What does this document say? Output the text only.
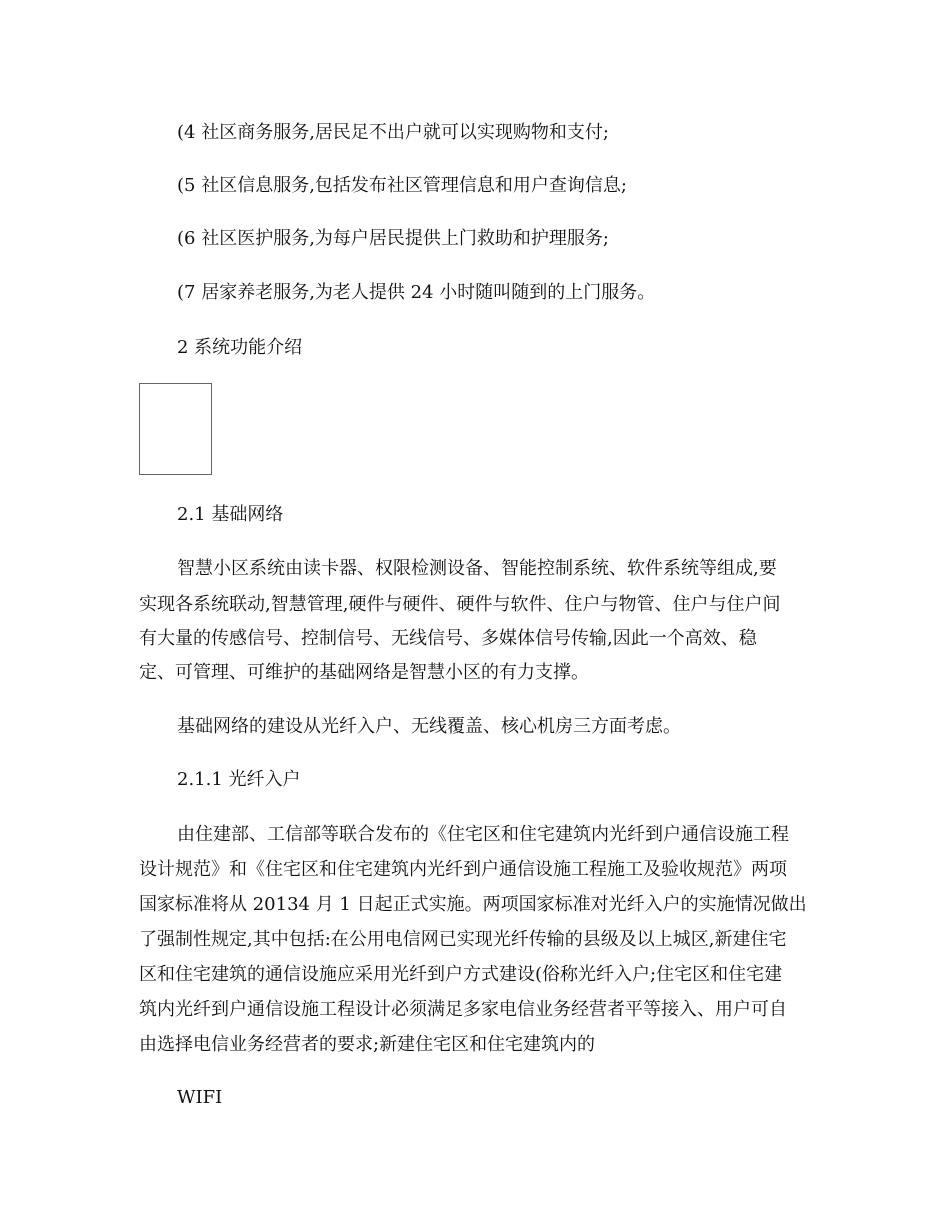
(4 社区商务服务,居民足不出户就可以实现购物和支付;
(5 社区信息服务,包括发布社区管理信息和用户查询信息;
(6 社区医护服务,为每户居民提供上门救助和护理服务;
(7 居家养老服务,为老人提供 24 小时随叫随到的上门服务。
2 系统功能介绍
2.1 基础网络
智慧小区系统由读卡器、权限检测设备、智能控制系统、软件系统等组成,要
实现各系统联动,智慧管理,硬件与硬件、硬件与软件、住户与物管、住户与住户间
有大量的传感信号、控制信号、无线信号、多媒体信号传输,因此一个高效、稳
定、可管理、可维护的基础网络是智慧小区的有力支撑。
基础网络的建设从光纤入户、无线覆盖、核心机房三方面考虑。
2.1.1 光纤入户
由住建部、工信部等联合发布的《住宅区和住宅建筑内光纤到户通信设施工程
设计规范》和《住宅区和住宅建筑内光纤到户通信设施工程施工及验收规范》两项
国家标准将从 20134 月 1 日起正式实施。两项国家标准对光纤入户的实施情况做出
了强制性规定,其中包括:在公用电信网已实现光纤传输的县级及以上城区,新建住宅
区和住宅建筑的通信设施应采用光纤到户方式建设(俗称光纤入户;住宅区和住宅建
筑内光纤到户通信设施工程设计必须满足多家电信业务经营者平等接入、用户可自
由选择电信业务经营者的要求;新建住宅区和住宅建筑内的
WIFI
